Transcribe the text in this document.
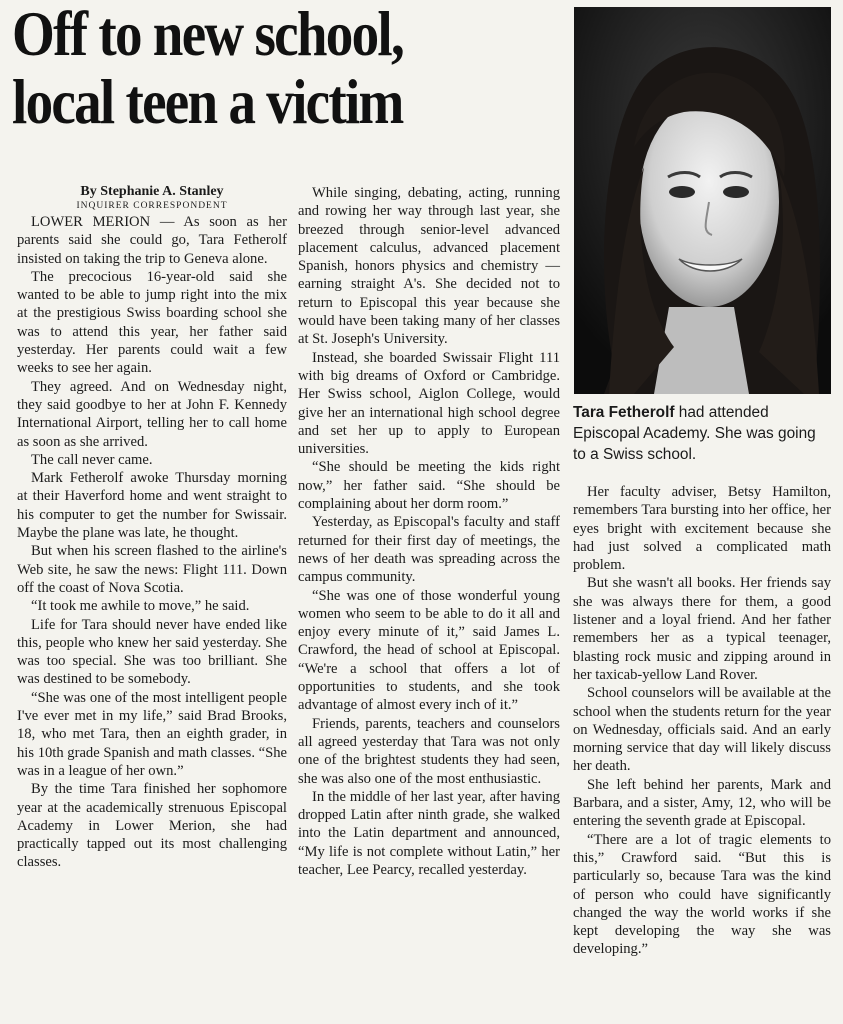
Off to new school,
local teen a victim

By Stephanie A. Stanley

INQUIRER CORRESPONDENT

LOWER MERION — As soon as her parents said she could go, Tara Fetherolf insisted on taking the trip to Geneva alone.

The precocious 16-year-old said she wanted to be able to jump right into the mix at the prestigious Swiss boarding school she was to attend this year, her father said yesterday. Her parents could wait a few weeks to see her again.

They agreed. And on Wednesday night, they said goodbye to her at John F. Kennedy International Airport, telling her to call home as soon as she arrived.

The call never came.

Mark Fetherolf awoke Thursday morning at their Haverford home and went straight to his computer to get the number for Swissair. Maybe the plane was late, he thought.

But when his screen flashed to the airline's Web site, he saw the news: Flight 111. Down off the coast of Nova Scotia.

“It took me awhile to move,” he said.

Life for Tara should never have ended like this, people who knew her said yesterday. She was too special. She was too brilliant. She was destined to be somebody.

“She was one of the most intelligent people I've ever met in my life,” said Brad Brooks, 18, who met Tara, then an eighth grader, in his 10th grade Spanish and math classes. “She was in a league of her own.”

By the time Tara finished her sophomore year at the academically strenuous Episcopal Academy in Lower Merion, she had practically tapped out its most challenging classes.

While singing, debating, acting, running and rowing her way through last year, she breezed through senior-level advanced placement calculus, advanced placement Spanish, honors physics and chemistry — earning straight A's. She decided not to return to Episcopal this year because she would have been taking many of her classes at St. Joseph's University.

Instead, she boarded Swissair Flight 111 with big dreams of Oxford or Cambridge. Her Swiss school, Aiglon College, would give her an international high school degree and set her up to apply to European universities.

“She should be meeting the kids right now,” her father said. “She should be complaining about her dorm room.”

Yesterday, as Episcopal's faculty and staff returned for their first day of meetings, the news of her death was spreading across the campus community.

“She was one of those wonderful young women who seem to be able to do it all and enjoy every minute of it,” said James L. Crawford, the head of school at Episcopal. “We're a school that offers a lot of opportunities to students, and she took advantage of almost every inch of it.”

Friends, parents, teachers and counselors all agreed yesterday that Tara was not only one of the brightest students they had seen, she was also one of the most enthusiastic.

In the middle of her last year, after having dropped Latin after ninth grade, she walked into the Latin department and announced, “My life is not complete without Latin,” her teacher, Lee Pearcy, recalled yesterday.

Tara Fetherolf had attended Episcopal Academy. She was going to a Swiss school.

Her faculty adviser, Betsy Hamilton, remembers Tara bursting into her office, her eyes bright with excitement because she had just solved a complicated math problem.

But she wasn't all books. Her friends say she was always there for them, a good listener and a loyal friend. And her father remembers her as a typical teenager, blasting rock music and zipping around in her taxicab-yellow Land Rover.

School counselors will be available at the school when the students return for the year on Wednesday, officials said. And an early morning service that day will likely discuss her death.

She left behind her parents, Mark and Barbara, and a sister, Amy, 12, who will be entering the seventh grade at Episcopal.

“There are a lot of tragic elements to this,” Crawford said. “But this is particularly so, because Tara was the kind of person who could have significantly changed the way the world works if she kept developing the way she was developing.”
